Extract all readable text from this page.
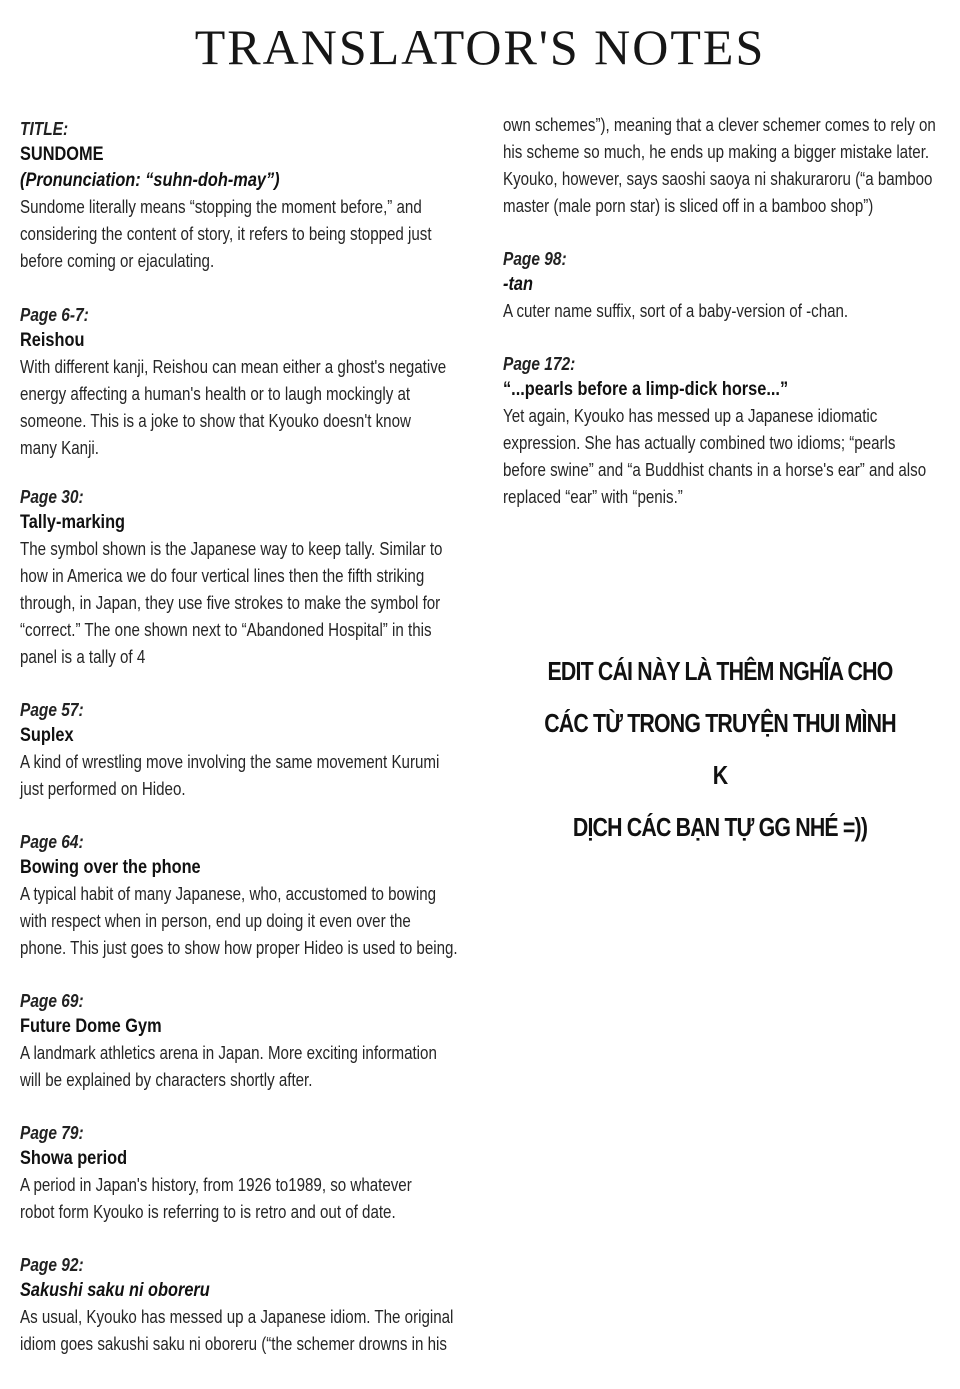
TRANSLATOR'S NOTES
TITLE:
SUNDOME
(Pronunciation: “suhn-doh-may”)
Sundome literally means “stopping the moment before,” and
considering the content of story, it refers to being stopped just
before coming or ejaculating.
Page 6-7:
Reishou
With different kanji, Reishou can mean either a ghost's negative
energy affecting a human's health or to laugh mockingly at
someone. This is a joke to show that Kyouko doesn't know
many Kanji.
Page 30:
Tally-marking
The symbol shown is the Japanese way to keep tally. Similar to
how in America we do four vertical lines then the fifth striking
through, in Japan, they use five strokes to make the symbol for
“correct.” The one shown next to “Abandoned Hospital” in this
panel is a tally of 4
Page 57:
Suplex
A kind of wrestling move involving the same movement Kurumi
just performed on Hideo.
Page 64:
Bowing over the phone
A typical habit of many Japanese, who, accustomed to bowing
with respect when in person, end up doing it even over the
phone. This just goes to show how proper Hideo is used to being.
Page 69:
Future Dome Gym
A landmark athletics arena in Japan. More exciting information
will be explained by characters shortly after.
Page 79:
Showa period
A period in Japan's history, from 1926 to1989, so whatever
robot form Kyouko is referring to is retro and out of date.
Page 92:
Sakushi saku ni oboreru
As usual, Kyouko has messed up a Japanese idiom. The original
idiom goes sakushi saku ni oboreru (“the schemer drowns in his
own schemes”), meaning that a clever schemer comes to rely on
his scheme so much, he ends up making a bigger mistake later.
Kyouko, however, says saoshi saoya ni shakuraroru (“a bamboo
master (male porn star) is sliced off in a bamboo shop”)
Page 98:
-tan
A cuter name suffix, sort of a baby-version of -chan.
Page 172:
“...pearls before a limp-dick horse...”
Yet again, Kyouko has messed up a Japanese idiomatic
expression. She has actually combined two idioms; “pearls
before swine” and “a Buddhist chants in a horse's ear” and also
replaced “ear” with “penis.”
EDIT CÁI NÀY LÀ THÊM NGHĨA CHO
CÁC TỪ TRONG TRUYỆN THUI MÌNH K
DỊCH CÁC BẠN TỰ GG NHÉ =))
